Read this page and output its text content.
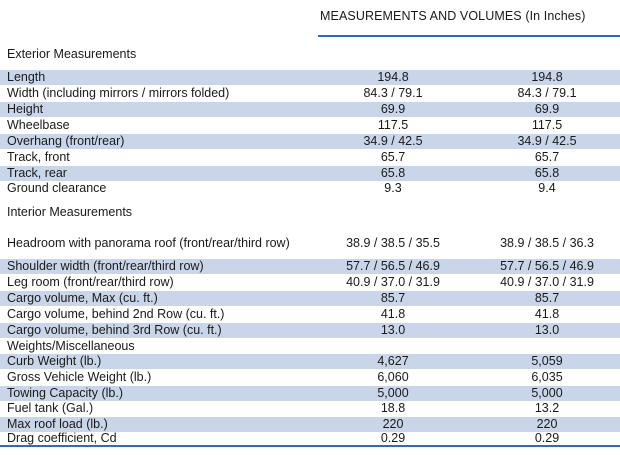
MEASUREMENTS AND VOLUMES (In Inches)
Exterior Measurements
Length	194.8	194.8
Width (including mirrors / mirrors folded)	84.3 / 79.1	84.3 / 79.1
Height	69.9	69.9
Wheelbase	117.5	117.5
Overhang (front/rear)	34.9 / 42.5	34.9 / 42.5
Track, front	65.7	65.7
Track, rear	65.8	65.8
Ground clearance	9.3	9.4
Interior Measurements
Headroom with panorama roof (front/rear/third row)	38.9 / 38.5 / 35.5	38.9 / 38.5 / 36.3
Shoulder width (front/rear/third row)	57.7 / 56.5 / 46.9	57.7 / 56.5 / 46.9
Leg room (front/rear/third row)	40.9 / 37.0 / 31.9	40.9 / 37.0 / 31.9
Cargo volume, Max (cu. ft.)	85.7	85.7
Cargo volume, behind 2nd Row (cu. ft.)	41.8	41.8
Cargo volume, behind 3rd Row (cu. ft.)	13.0	13.0
Weights/Miscellaneous
Curb Weight (lb.)	4,627	5,059
Gross Vehicle Weight (lb.)	6,060	6,035
Towing Capacity (lb.)	5,000	5,000
Fuel tank (Gal.)	18.8	13.2
Max roof load (lb.)	220	220
Drag coefficient, Cd	0.29	0.29
